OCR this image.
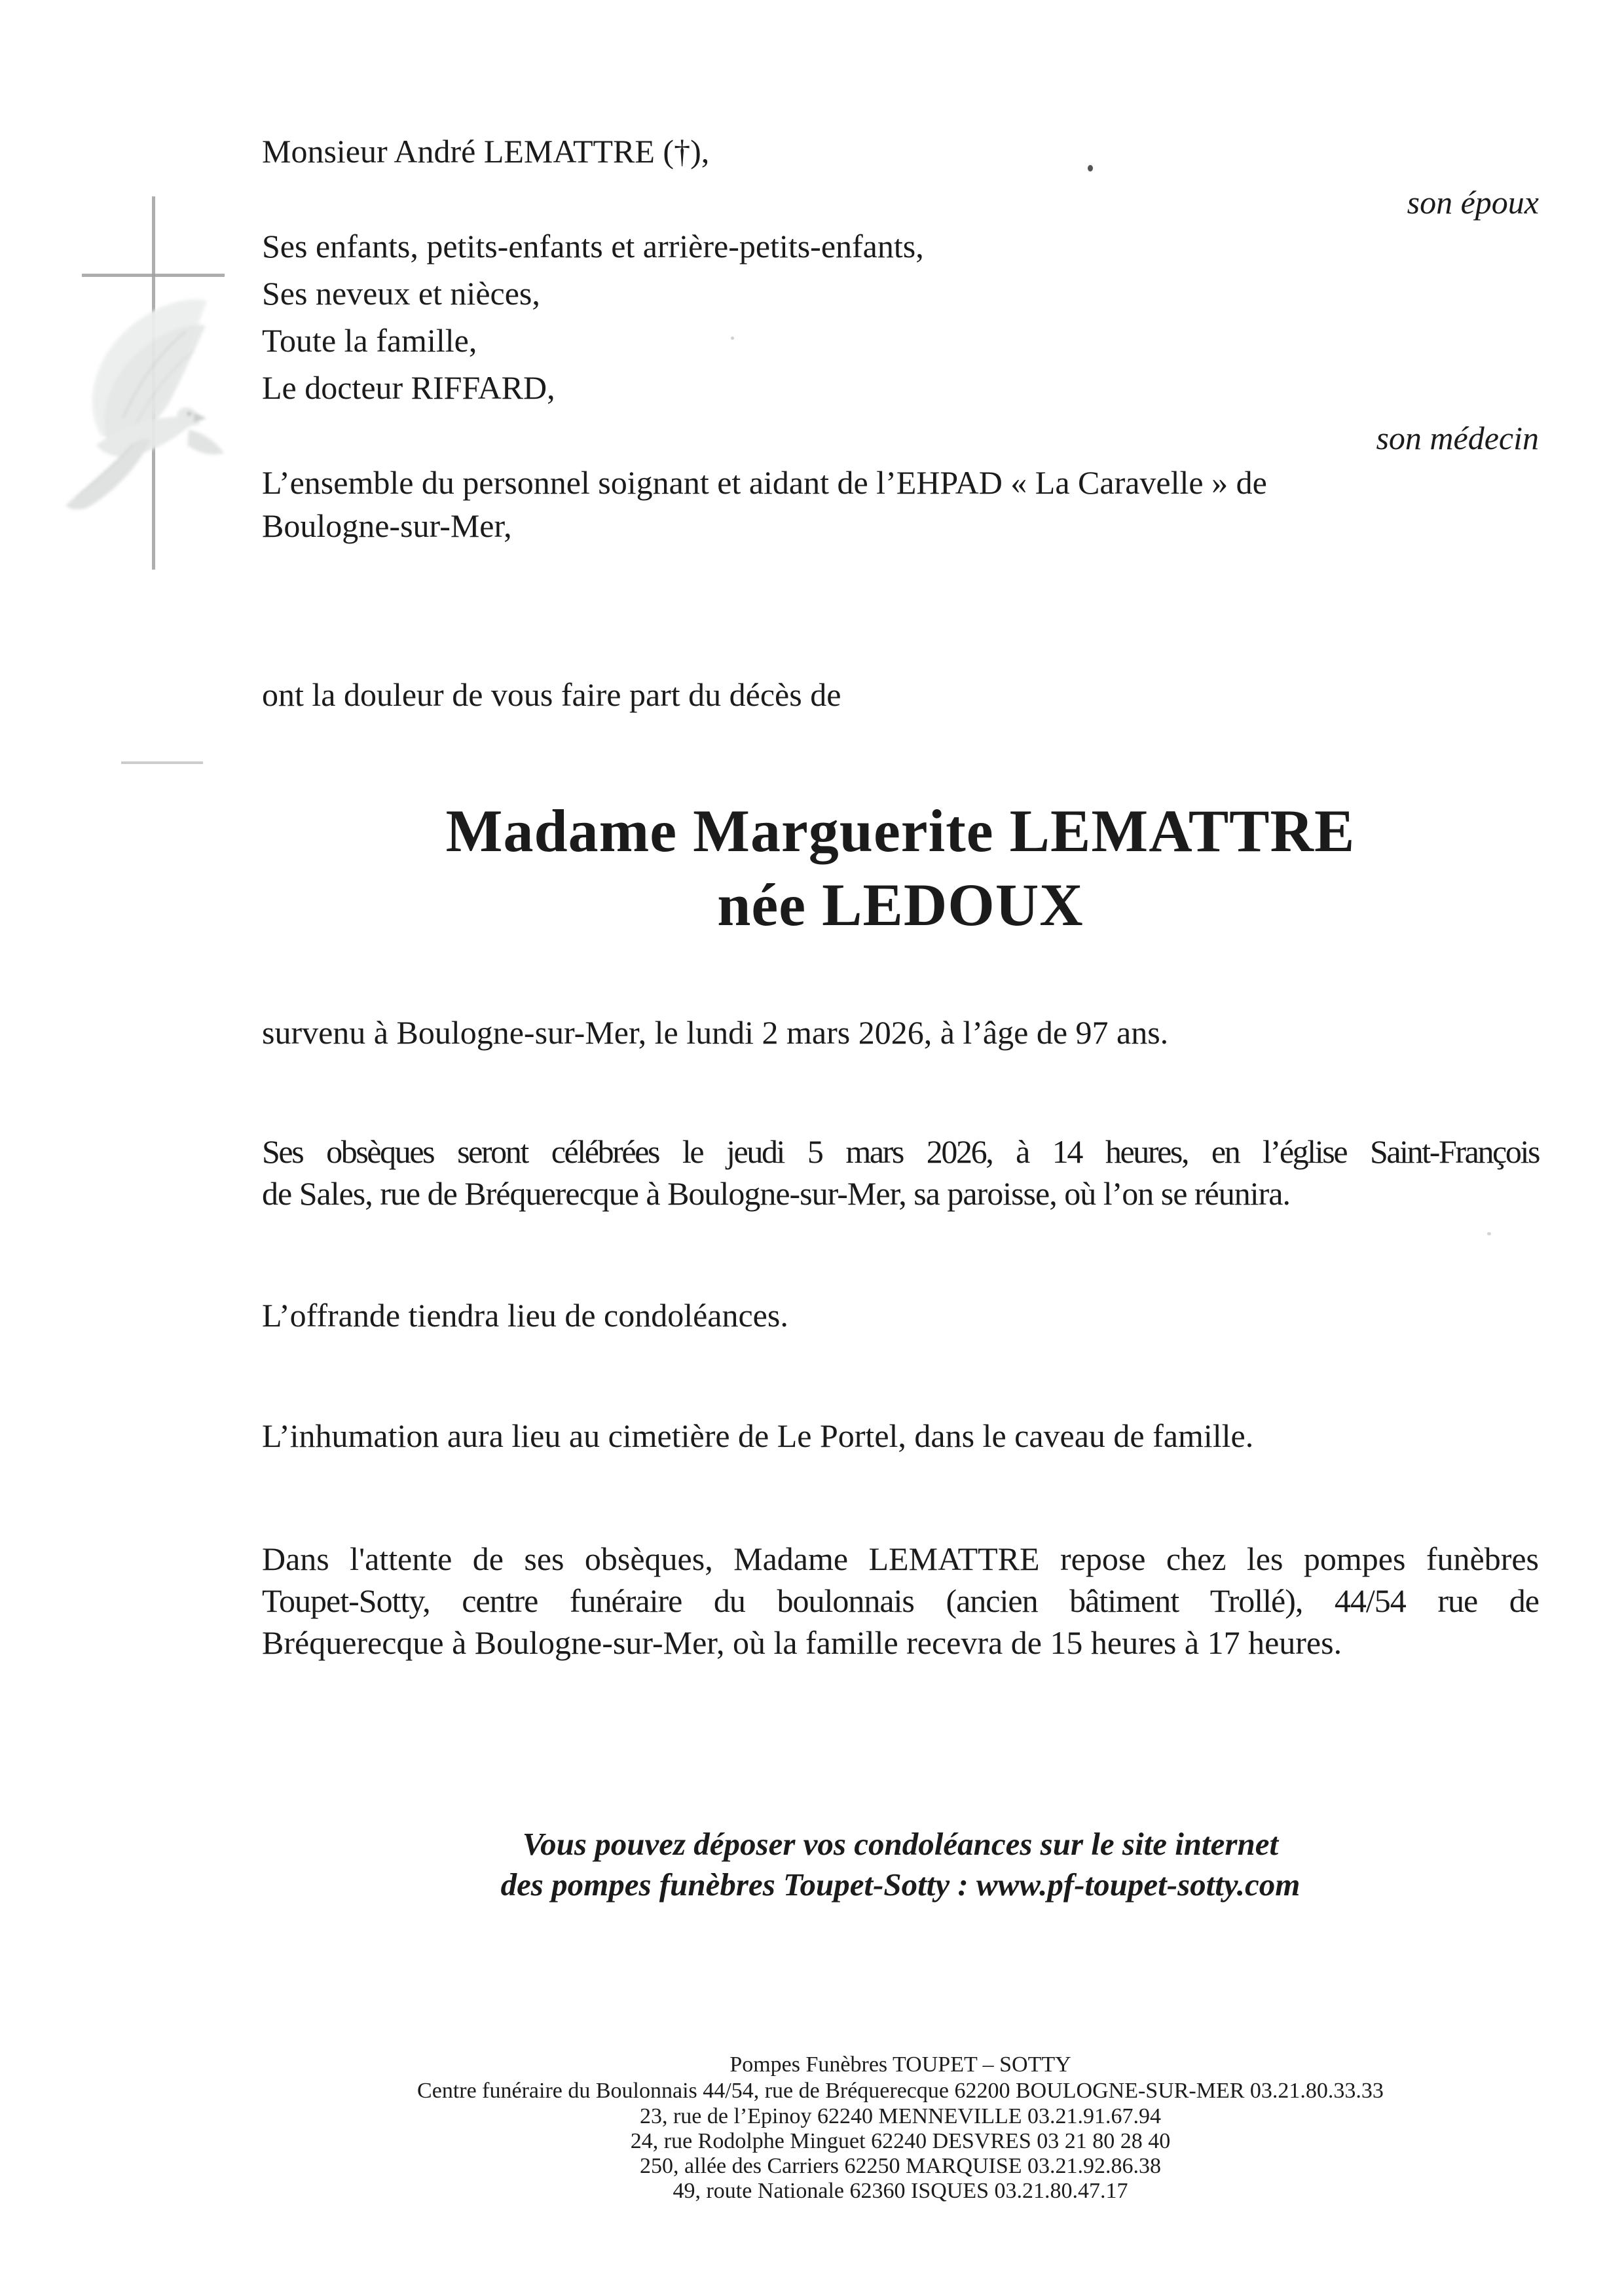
Monsieur André LEMATTRE (†),
son époux
Ses enfants, petits-enfants et arrière-petits-enfants,
Ses neveux et nièces,
Toute la famille,
Le docteur RIFFARD,
son médecin
L’ensemble du personnel soignant et aidant de l’EHPAD « La Caravelle » de
Boulogne-sur-Mer,
ont la douleur de vous faire part du décès de
Madame Marguerite LEMATTRE
née LEDOUX
survenu à Boulogne-sur-Mer, le lundi 2 mars 2026, à l’âge de 97 ans.
Ses obsèques seront célébrées le jeudi 5 mars 2026, à 14 heures, en l’église Saint-François
de Sales, rue de Bréquerecque à Boulogne-sur-Mer, sa paroisse, où l’on se réunira.
L’offrande tiendra lieu de condoléances.
L’inhumation aura lieu au cimetière de Le Portel, dans le caveau de famille.
Dans l'attente de ses obsèques, Madame LEMATTRE repose chez les pompes funèbres
Toupet-Sotty, centre funéraire du boulonnais (ancien bâtiment Trollé), 44/54 rue de
Bréquerecque à Boulogne-sur-Mer, où la famille recevra de 15 heures à 17 heures.
Vous pouvez déposer vos condoléances sur le site internet
des pompes funèbres Toupet-Sotty : www.pf-toupet-sotty.com
Pompes Funèbres TOUPET – SOTTY
Centre funéraire du Boulonnais 44/54, rue de Bréquerecque 62200 BOULOGNE-SUR-MER 03.21.80.33.33
23, rue de l’Epinoy 62240 MENNEVILLE 03.21.91.67.94
24, rue Rodolphe Minguet 62240 DESVRES 03 21 80 28 40
250, allée des Carriers 62250 MARQUISE 03.21.92.86.38
49, route Nationale 62360 ISQUES 03.21.80.47.17
